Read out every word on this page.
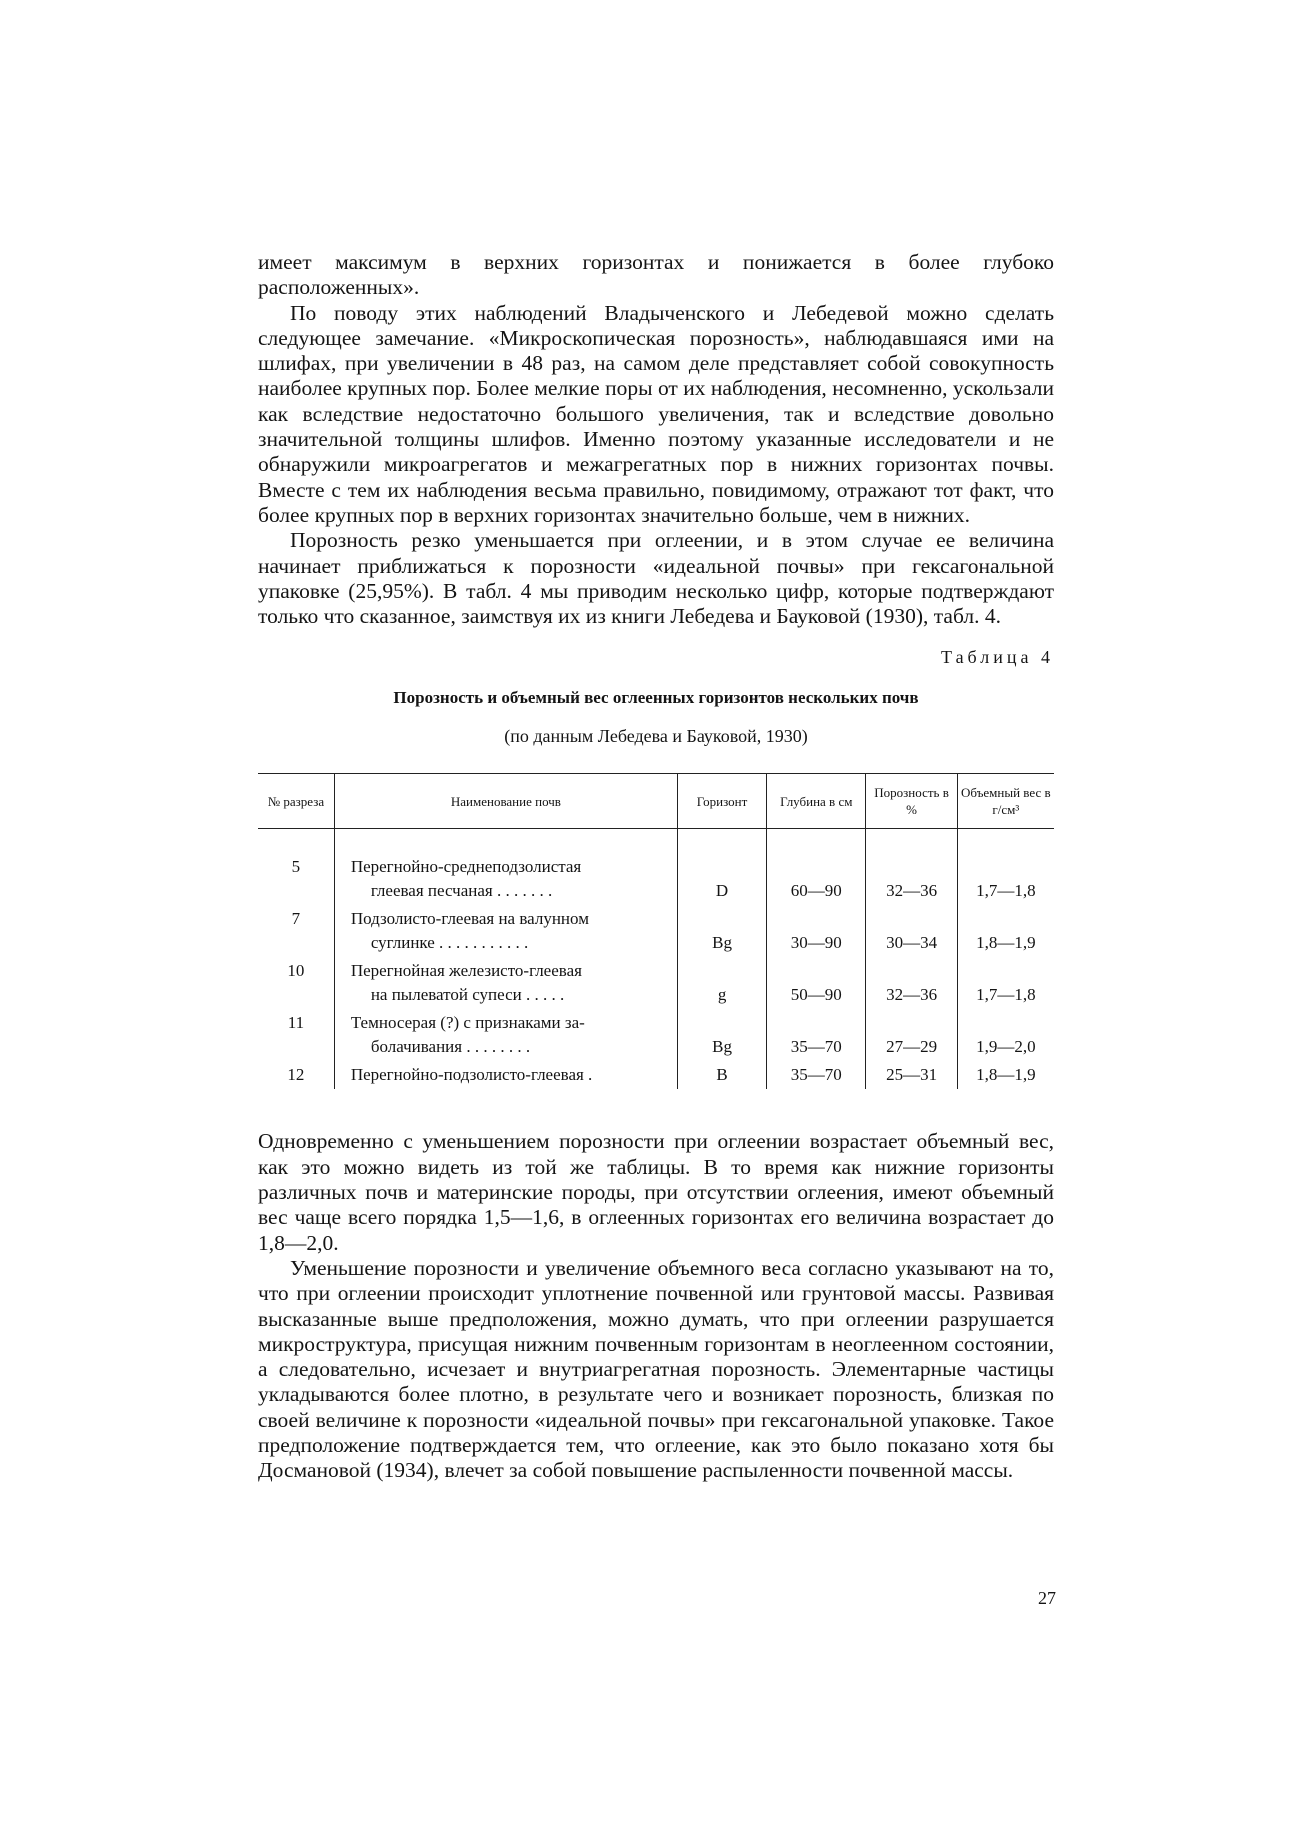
имеет максимум в верхних горизонтах и понижается в более глубоко расположенных».

По поводу этих наблюдений Владыченского и Лебедевой можно сделать следующее замечание. «Микроскопическая порозность», наблюдавшаяся ими на шлифах, при увеличении в 48 раз, на самом деле представляет собой совокупность наиболее крупных пор. Более мелкие поры от их наблюдения, несомненно, ускользали как вследствие недостаточно большого увеличения, так и вследствие довольно значительной толщины шлифов. Именно поэтому указанные исследователи и не обнаружили микроагрегатов и межагрегатных пор в нижних горизонтах почвы. Вместе с тем их наблюдения весьма правильно, повидимому, отражают тот факт, что более крупных пор в верхних горизонтах значительно больше, чем в нижних.

Порозность резко уменьшается при оглеении, и в этом случае ее величина начинает приближаться к порозности «идеальной почвы» при гексагональной упаковке (25,95%). В табл. 4 мы приводим несколько цифр, которые подтверждают только что сказанное, заимствуя их из книги Лебедева и Бауковой (1930), табл. 4.

Таблица 4
Порозность и объемный вес оглеенных горизонтов нескольких почв
(по данным Лебедева и Бауковой, 1930)
№ разреза	Наименование почв	Горизонт	Глубина в см	Порозность в %	Объемный вес в г/см³
5	Перегнойно-среднеподзолистая
глеевая песчаная . . . . . . .	D	60—90	32—36	1,7—1,8
7	Подзолисто-глеевая на валунном
суглинке . . . . . . . . . . .	Bg	30—90	30—34	1,8—1,9
10	Перегнойная железисто-глеевая
на пылеватой супеси . . . . .	g	50—90	32—36	1,7—1,8
11	Темносерая (?) с признаками за-
болачивания . . . . . . . .	Bg	35—70	27—29	1,9—2,0
12	Перегнойно-подзолисто-глеевая .	B	35—70	25—31	1,8—1,9

Одновременно с уменьшением порозности при оглеении возрастает объемный вес, как это можно видеть из той же таблицы. В то время как нижние горизонты различных почв и материнские породы, при отсутствии оглеения, имеют объемный вес чаще всего порядка 1,5—1,6, в оглеенных горизонтах его величина возрастает до 1,8—2,0.

Уменьшение порозности и увеличение объемного веса согласно указывают на то, что при оглеении происходит уплотнение почвенной или грунтовой массы. Развивая высказанные выше предположения, можно думать, что при оглеении разрушается микроструктура, присущая нижним почвенным горизонтам в неоглеенном состоянии, а следовательно, исчезает и внутриагрегатная порозность. Элементарные частицы укладываются более плотно, в результате чего и возникает порозность, близкая по своей величине к порозности «идеальной почвы» при гексагональной упаковке. Такое предположение подтверждается тем, что оглеение, как это было показано хотя бы Досмановой (1934), влечет за собой повышение распыленности почвенной массы.

27
